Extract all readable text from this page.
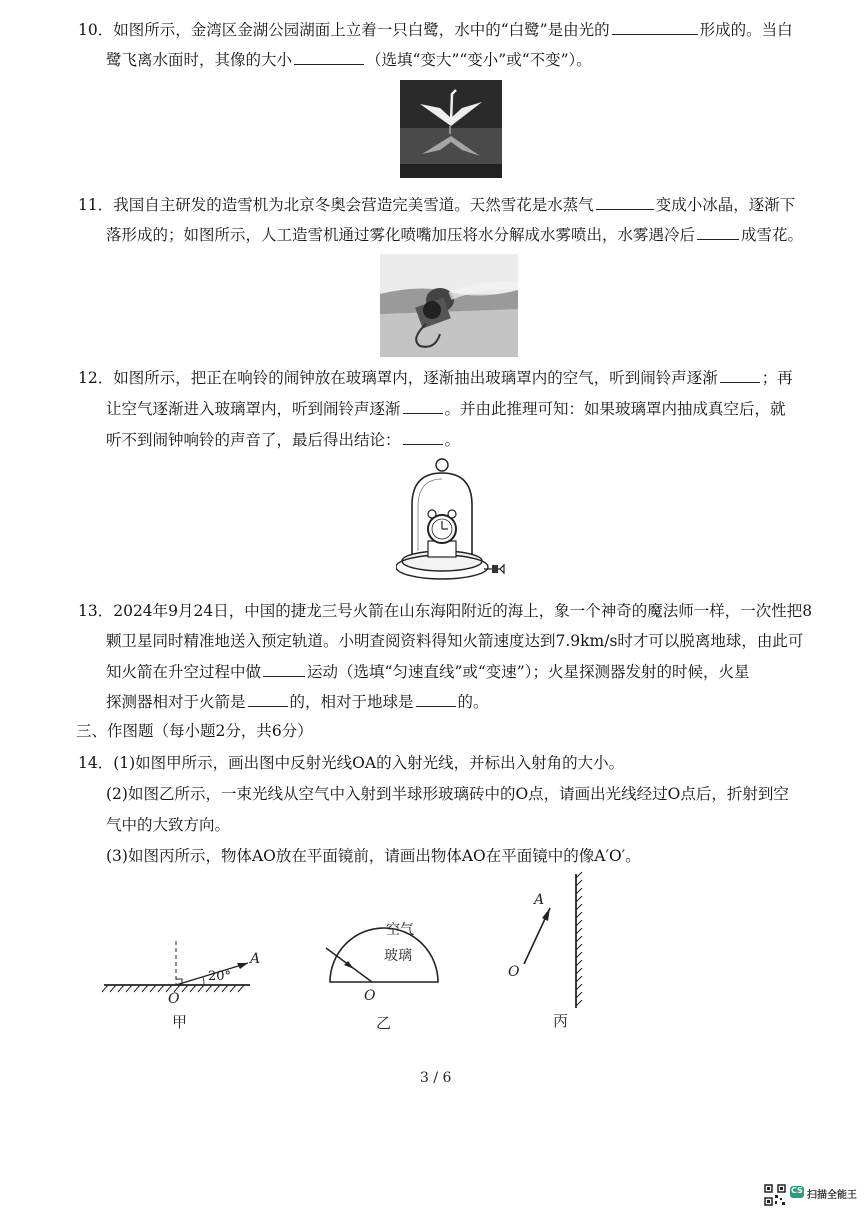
10．如图所示，金湾区金湖公园湖面上立着一只白鹭，水中的“白鹭”是由光的	形成的。当白
鹭飞离水面时，其像的大小	（选填“变大”“变小”或“不变”）。
11．我国自主研发的造雪机为北京冬奥会营造完美雪道。天然雪花是水蒸气	变成小冰晶，逐渐下
落形成的；如图所示，人工造雪机通过雾化喷嘴加压将水分解成水雾喷出，水雾遇冷后	成雪花。
12．如图所示，把正在响铃的闹钟放在玻璃罩内，逐渐抽出玻璃罩内的空气，听到闹铃声逐渐	；再
让空气逐渐进入玻璃罩内，听到闹铃声逐渐	。并由此推理可知：如果玻璃罩内抽成真空后，就
听不到闹钟响铃的声音了，最后得出结论：	。
13．2024年9月24日，中国的捷龙三号火箭在山东海阳附近的海上，象一个神奇的魔法师一样，一次性把8
颗卫星同时精准地送入预定轨道。小明查阅资料得知火箭速度达到7.9km/s时才可以脱离地球，由此可
知火箭在升空过程中做	运动（选填“匀速直线”或“变速”）；火星探测器发射的时候，火星
探测器相对于火箭是	的，相对于地球是	的。
三、作图题（每小题2分，共6分）
14．(1)如图甲所示，画出图中反射光线OA的入射光线，并标出入射角的大小。
(2)如图乙所示，一束光线从空气中入射到半球形玻璃砖中的O点，请画出光线经过O点后，折射到空
气中的大致方向。
(3)如图丙所示，物体AO放在平面镜前，请画出物体AO在平面镜中的像A′O′。
20°
A
O
甲
空气
玻璃
O
乙
A
O
丙
3 / 6
CS 扫描全能王
